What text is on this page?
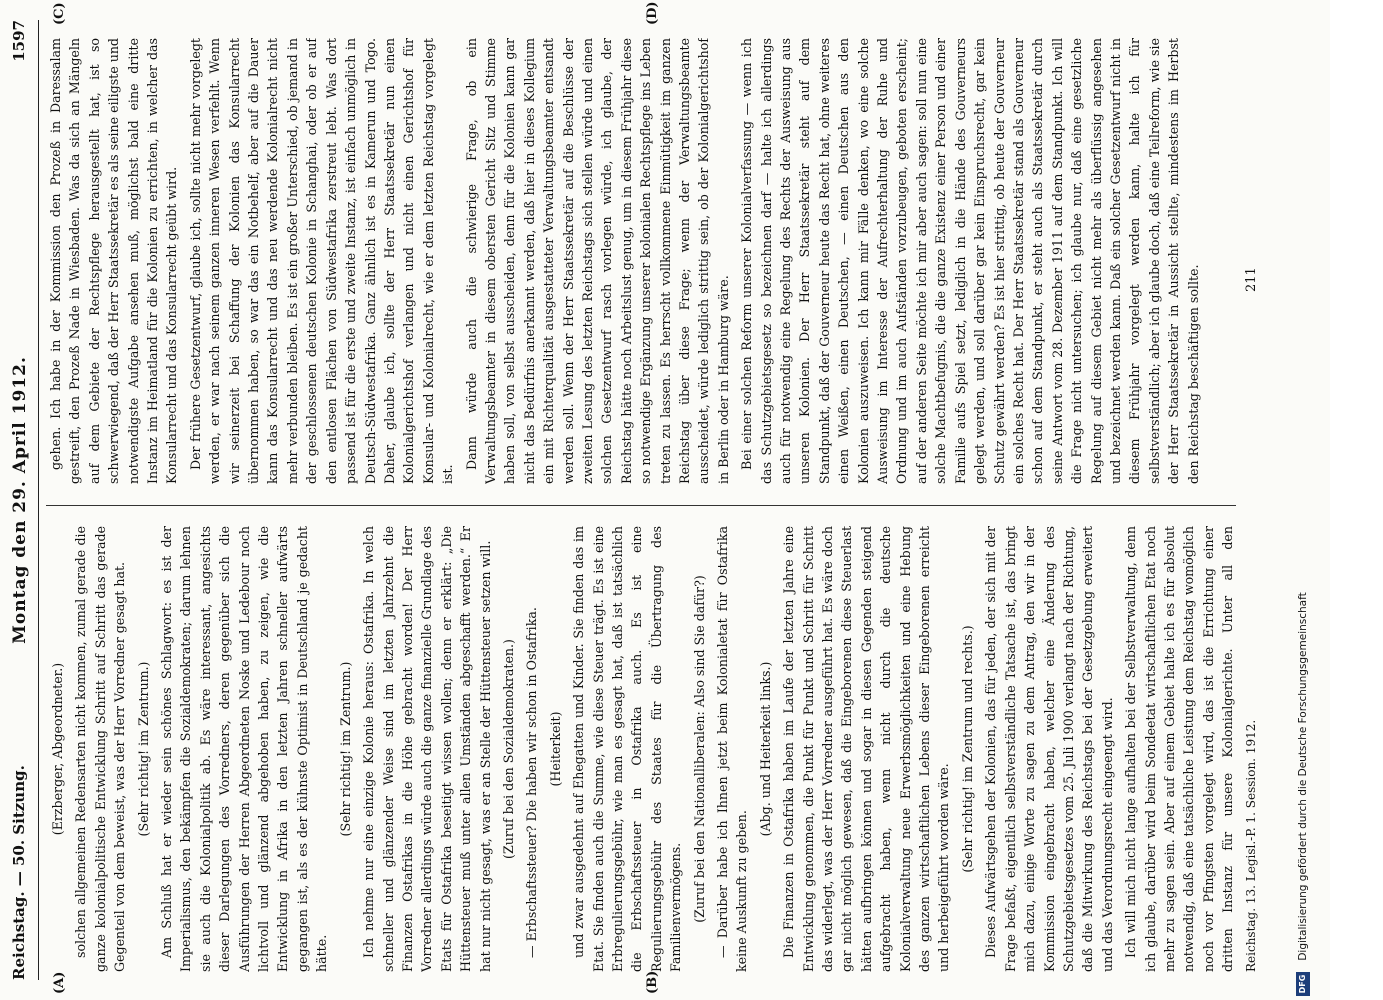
Reichstag. — 50. Sitzung.
Montag den 29. April 1912.
1597
(A)	(B)
(C)	(D)

(Erzberger, Abgeordneter.) solchen allgemeinen Redensarten nicht kommen, zumal gerade die ganze kolonialpolitische Entwicklung Schritt auf Schritt das gerade Gegenteil von dem beweist, was der Herr Vorredner gesagt hat. (Sehr richtig! im Zentrum.) Am Schluß hat er wieder sein schönes Schlagwort: es ist der Imperialismus, den bekämpfen die Sozialdemokraten; darum lehnen sie auch die Kolonialpolitik ab. Es wäre interessant, angesichts dieser Darlegungen des Vorredners, deren gegenüber sich die Ausführungen der Herren Abgeordneten Noske und Ledebour noch lichtvoll und glänzend abgehoben haben, zu zeigen, wie die Entwicklung in Afrika in den letzten Jahren schneller aufwärts gegangen ist, als es der kühnste Optimist in Deutschland je gedacht hätte.

(Sehr richtig! im Zentrum.) Ich nehme nur eine einzige Kolonie heraus: Ostafrika. In welch schneller und glänzender Weise sind im letzten Jahrzehnt die Finanzen Ostafrikas in die Höhe gebracht worden! Der Herr Vorredner allerdings würde auch die ganze finanzielle Grundlage des Etats für Ostafrika beseitigt wissen wollen; denn er erklärt: „Die Hüttensteuer muß unter allen Umständen abgeschafft werden.“ Er hat nur nicht gesagt, was er an Stelle der Hüttensteuer setzen will. (Zuruf bei den Sozialdemokraten.) — Erbschaftssteuer? Die haben wir schon in Ostafrika. (Heiterkeit) und zwar ausgedehnt auf Ehegatten und Kinder. Sie finden das im Etat. Sie finden auch die Summe, wie diese Steuer trägt. Es ist eine Erbregulierungsgebühr, wie man es gesagt hat, daß ist tatsächlich die Erbschaftssteuer in Ostafrika auch. Es ist eine Regulierungsgebühr des Staates für die Übertragung des Familienvermögens. (Zuruf bei den Nationalliberalen: Also sind Sie dafür?) — Darüber habe ich Ihnen jetzt beim Kolonialetat für Ostafrika keine Auskunft zu geben.

(Abg. und Heiterkeit links.) Die Finanzen in Ostafrika haben im Laufe der letzten Jahre eine Entwicklung genommen, die Punkt für Punkt und Schritt für Schritt das widerlegt, was der Herr Vorredner ausgeführt hat. Es wäre doch gar nicht möglich gewesen, daß die Eingeborenen diese Steuerlast hätten aufbringen können und sogar in diesen Gegenden steigend aufgebracht haben, wenn nicht durch die deutsche Kolonialverwaltung neue Erwerbsmöglichkeiten und eine Hebung des ganzen wirtschaftlichen Lebens dieser Eingeborenen erreicht und herbeigeführt worden wäre. (Sehr richtig! im Zentrum und rechts.) Dieses Aufwärtsgehen der Kolonien, das für jeden, der sich mit der Frage befaßt, eigentlich selbstverständliche Tatsache ist, das bringt mich dazu, einige Worte zu sagen zu dem Antrag, den wir in der Kommission eingebracht haben, welcher eine Änderung des Schutzgebietsgesetzes vom 25. Juli 1900 verlangt nach der Richtung, daß die Mitwirkung des Reichstags bei der Gesetzgebung erweitert und das Verordnungsrecht eingeengt wird. Ich will mich nicht lange aufhalten bei der Selbstverwaltung, denn ich glaube, darüber wird beim Sondeetat wirtschaftlichen Etat noch mehr zu sagen sein. Aber auf einem Gebiet halte ich es für absolut notwendig, daß eine tatsächliche Leistung dem Reichstag womöglich noch vor Pfingsten vorgelegt wird, das ist die Errichtung einer dritten Instanz für unsere Kolonialgerichte. Unter all den

gehen. Ich habe in der Kommission den Prozeß in Daressalam gestreift, den Prozeß Nade in Wiesbaden. Was da sich an Mängeln auf dem Gebiete der Rechtspflege herausgestellt hat, ist so schwerwiegend, daß der Herr Staatssekretär es als seine eiligste und notwendigste Aufgabe ansehen muß, möglichst bald eine dritte Instanz im Heimatland für die Kolonien zu errichten, in welcher das Konsularrecht und das Konsularrecht geübt wird. Der frühere Gesetzentwurf, glaube ich, sollte nicht mehr vorgelegt werden, er war nach seinem ganzen inneren Wesen verfehlt. Wenn wir seinerzeit bei Schaffung der Kolonien das Konsularrecht übernommen haben, so war das ein Notbehelf, aber auf die Dauer kann das Konsularrecht und das neu werdende Kolonialrecht nicht mehr verbunden bleiben. Es ist ein großer Unterschied, ob jemand in der geschlossenen deutschen Kolonie in Schanghai, oder ob er auf den entlosen Flächen von Südwestafrika zerstreut lebt. Was dort passend ist für die erste und zweite Instanz, ist einfach unmöglich in Deutsch-Südwestafrika. Ganz ähnlich ist es in Kamerun und Togo. Daher, glaube ich, sollte der Herr Staatssekretär nun einen Kolonialgerichtshof verlangen und nicht einen Gerichtshof für Konsular- und Kolonialrecht, wie er dem letzten Reichstag vorgelegt ist.

Dann würde auch die schwierige Frage, ob ein Verwaltungsbeamter in diesem obersten Gericht Sitz und Stimme haben soll, von selbst ausscheiden, denn für die Kolonien kann gar nicht das Bedürfnis anerkannt werden, daß hier in dieses Kollegium ein mit Richterqualität ausgestatteter Verwaltungsbeamter entsandt werden soll. Wenn der Herr Staatssekretär auf die Beschlüsse der zweiten Lesung des letzten Reichstags sich stellen würde und einen solchen Gesetzentwurf rasch vorlegen würde, ich glaube, der Reichstag hätte noch Arbeitslust genug, um in diesem Frühjahr diese so notwendige Ergänzung unserer kolonialen Rechtspflege ins Leben treten zu lassen. Es herrscht vollkommene Einmütigkeit im ganzen Reichstag über diese Frage; wenn der Verwaltungsbeamte ausscheidet, würde lediglich strittig sein, ob der Kolonialgerichtshof in Berlin oder in Hamburg wäre. Bei einer solchen Reform unserer Kolonialverfassung — wenn ich das Schutzgebietsgesetz so bezeichnen darf — halte ich allerdings auch für notwendig eine Regelung des Rechts der Ausweisung aus unseren Kolonien. Der Herr Staatssekretär steht auf dem Standpunkt, daß der Gouverneur heute das Recht hat, ohne weiteres einen Weißen, einen Deutschen, — einen Deutschen aus den Kolonien auszuweisen. Ich kann mir Fälle denken, wo eine solche Ausweisung im Interesse der Aufrechterhaltung der Ruhe und Ordnung und im auch Aufständen vorzubeugen, geboten erscheint; auf der anderen Seite möchte ich mir aber auch sagen: soll nun eine solche Machtbefugnis, die die ganze Existenz einer Person und einer Familie aufs Spiel setzt, lediglich in die Hände des Gouverneurs gelegt werden, und soll darüber gar kein Einspruchsrecht, gar kein Schutz gewährt werden? Es ist hier strittig, ob heute der Gouverneur ein solches Recht hat. Der Herr Staatssekretär stand als Gouverneur schon auf dem Standpunkt, er steht auch als Staatssekretär durch seine Antwort vom 28. Dezember 1911 auf dem Standpunkt. Ich will die Frage nicht untersuchen; ich glaube nur, daß eine gesetzliche Regelung auf diesem Gebiet nicht mehr als überflüssig angesehen und bezeichnet werden kann. Daß ein solcher Gesetzentwurf nicht in diesem Frühjahr vorgelegt werden kann, halte ich für selbstverständlich; aber ich glaube doch, daß eine Teilreform, wie sie der Herr Staatssekretär in Aussicht stellte, mindestens im Herbst den Reichstag beschäftigen sollte.

Reichstag. 13. Legisl.-P. 1. Session. 1912.
211
DFG Digitalisierung gefördert durch die Deutsche Forschungsgemeinschaft
